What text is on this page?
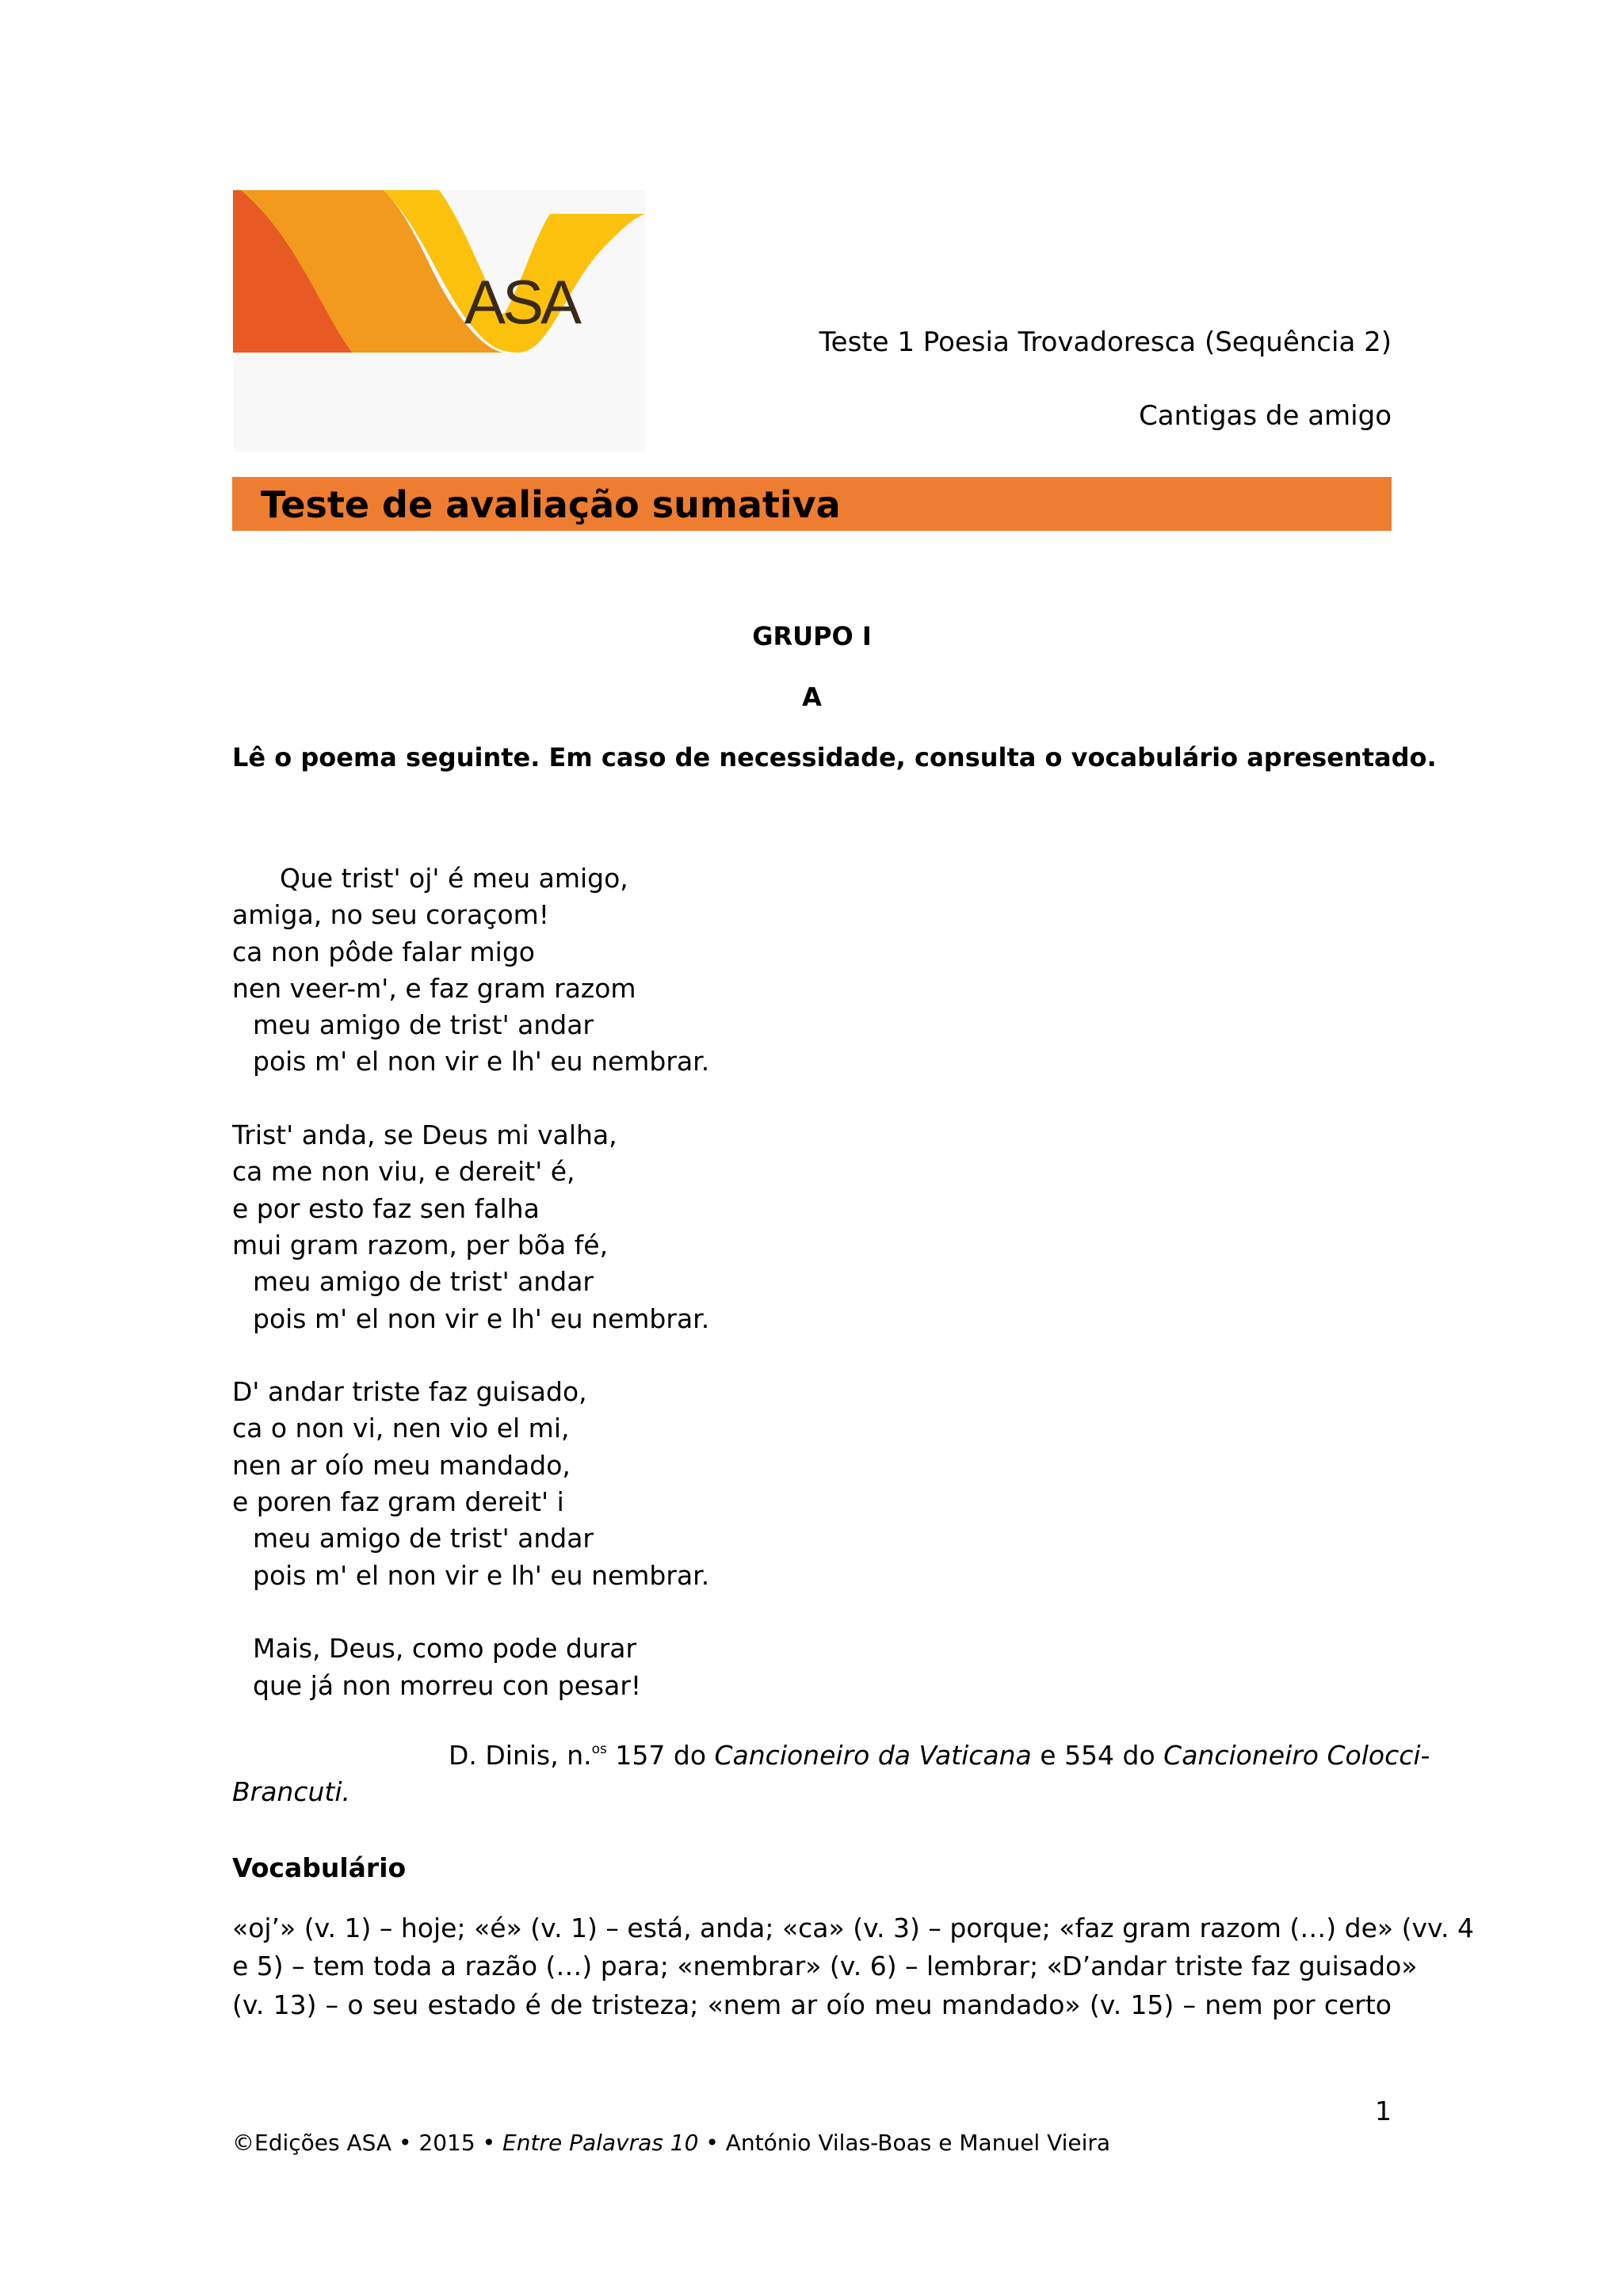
ASA
Teste 1 Poesia Trovadoresca (Sequência 2)
Cantigas de amigo
Teste de avaliação sumativa
GRUPO I
A
Lê o poema seguinte. Em caso de necessidade, consulta o vocabulário apresentado.
Que trist' oj' é meu amigo,
amiga, no seu coraçom!
ca non pôde falar migo
nen veer-m', e faz gram razom
meu amigo de trist' andar
pois m' el non vir e lh' eu nembrar.
Trist' anda, se Deus mi valha,
ca me non viu, e dereit' é,
e por esto faz sen falha
mui gram razom, per bõa fé,
meu amigo de trist' andar
pois m' el non vir e lh' eu nembrar.
D' andar triste faz guisado,
ca o non vi, nen vio el mi,
nen ar oío meu mandado,
e poren faz gram dereit' i
meu amigo de trist' andar
pois m' el non vir e lh' eu nembrar.
Mais, Deus, como pode durar
que já non morreu con pesar!
D. Dinis, n.$^{os}$ 157 do Cancioneiro da Vaticana e 554 do Cancioneiro Colocci-
Brancuti.
Vocabulário
«oj’» (v. 1) – hoje; «é» (v. 1) – está, anda; «ca» (v. 3) – porque; «faz gram razom (…) de» (vv. 4
e 5) – tem toda a razão (…) para; «nembrar» (v. 6) – lembrar; «D’andar triste faz guisado»
(v. 13) – o seu estado é de tristeza; «nem ar oío meu mandado» (v. 15) – nem por certo
1
©Edições ASA • 2015 • Entre Palavras 10 • António Vilas-Boas e Manuel Vieira
